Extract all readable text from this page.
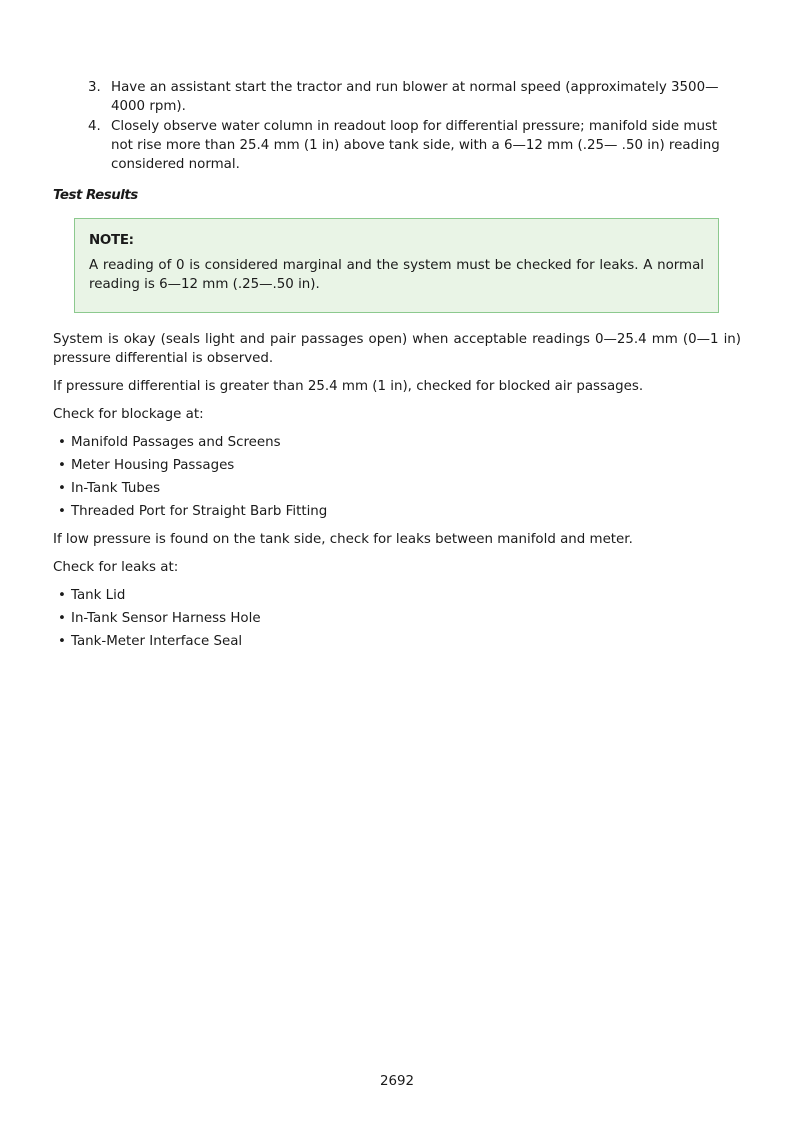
3. Have an assistant start the tractor and run blower at normal speed (approximately 3500—4000 rpm).
4. Closely observe water column in readout loop for differential pressure; manifold side must not rise more than 25.4 mm (1 in) above tank side, with a 6—12 mm (.25— .50 in) reading considered normal.
Test Results

NOTE:

A reading of 0 is considered marginal and the system must be checked for leaks. A normal reading is 6—12 mm (.25—.50 in).

System is okay (seals light and pair passages open) when acceptable readings 0—25.4 mm (0—1 in) pressure differential is observed.

If pressure differential is greater than 25.4 mm (1 in), checked for blocked air passages.

Check for blockage at:

• Manifold Passages and Screens
• Meter Housing Passages
• In-Tank Tubes
• Threaded Port for Straight Barb Fitting

If low pressure is found on the tank side, check for leaks between manifold and meter.

Check for leaks at:

• Tank Lid
• In-Tank Sensor Harness Hole
• Tank-Meter Interface Seal
2692
